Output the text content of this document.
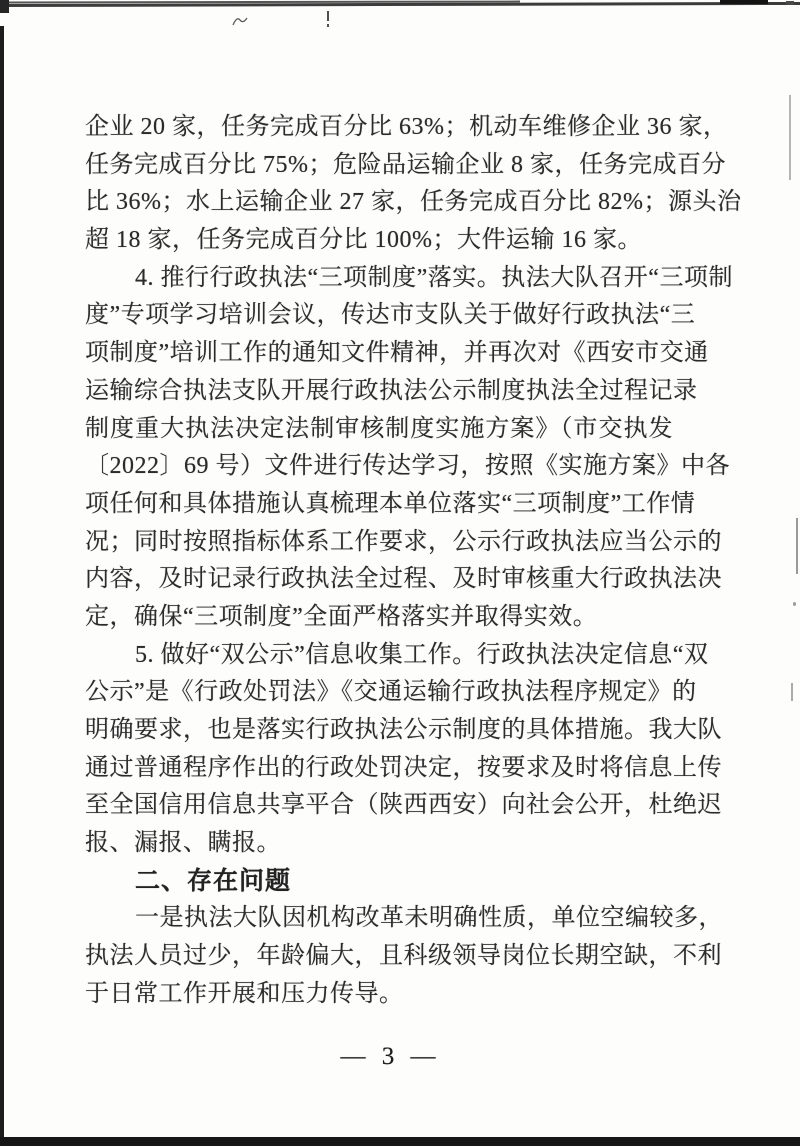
企业 20 家，任务完成百分比 63%；机动车维修企业 36 家，
任务完成百分比 75%；危险品运输企业 8 家，任务完成百分
比 36%；水上运输企业 27 家，任务完成百分比 82%；源头治
超 18 家，任务完成百分比 100%；大件运输 16 家。
4. 推行行政执法“三项制度”落实。执法大队召开“三项制
度”专项学习培训会议，传达市支队关于做好行政执法“三
项制度”培训工作的通知文件精神，并再次对《西安市交通
运输综合执法支队开展行政执法公示制度执法全过程记录
制度重大执法决定法制审核制度实施方案》（市交执发
〔2022〕69 号）文件进行传达学习，按照《实施方案》中各
项任何和具体措施认真梳理本单位落实“三项制度”工作情
况；同时按照指标体系工作要求，公示行政执法应当公示的
内容，及时记录行政执法全过程、及时审核重大行政执法决
定，确保“三项制度”全面严格落实并取得实效。
5. 做好“双公示”信息收集工作。行政执法决定信息“双
公示”是《行政处罚法》《交通运输行政执法程序规定》的
明确要求，也是落实行政执法公示制度的具体措施。我大队
通过普通程序作出的行政处罚决定，按要求及时将信息上传
至全国信用信息共享平合（陕西西安）向社会公开，杜绝迟
报、漏报、瞒报。
二、存在问题
一是执法大队因机构改革未明确性质，单位空编较多，
执法人员过少，年龄偏大，且科级领导岗位长期空缺，不利
于日常工作开展和压力传导。
— 3 —
